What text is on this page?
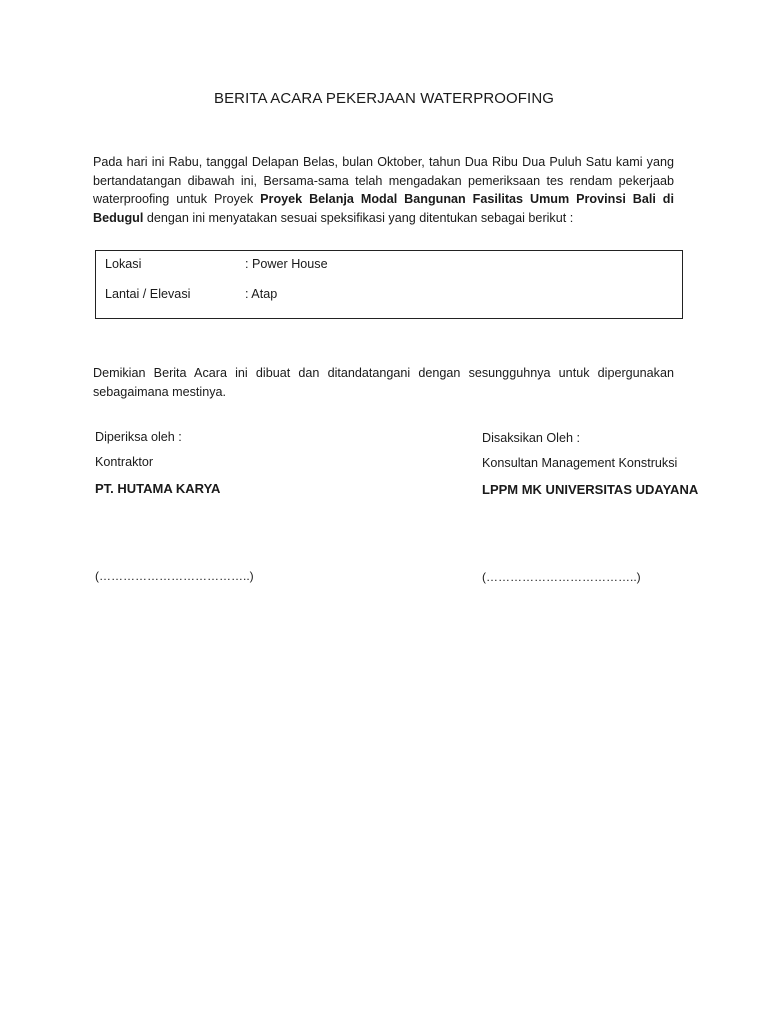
BERITA ACARA PEKERJAAN WATERPROOFING
Pada hari ini Rabu, tanggal Delapan Belas, bulan Oktober, tahun Dua Ribu Dua Puluh Satu kami yang bertandatangan dibawah ini, Bersama-sama telah mengadakan pemeriksaan tes rendam pekerjaab waterproofing untuk Proyek Proyek Belanja Modal Bangunan Fasilitas Umum Provinsi Bali di Bedugul dengan ini menyatakan sesuai speksifikasi yang ditentukan sebagai berikut :
Lokasi	: Power House
Lantai / Elevasi	: Atap
Demikian Berita Acara ini dibuat dan ditandatangani dengan sesungguhnya untuk dipergunakan sebagaimana mestinya.
Diperiksa oleh :
Kontraktor
PT. HUTAMA KARYA
(………………………………..)
Disaksikan Oleh :
Konsultan Management Konstruksi
LPPM MK UNIVERSITAS UDAYANA
(………………………………..)
